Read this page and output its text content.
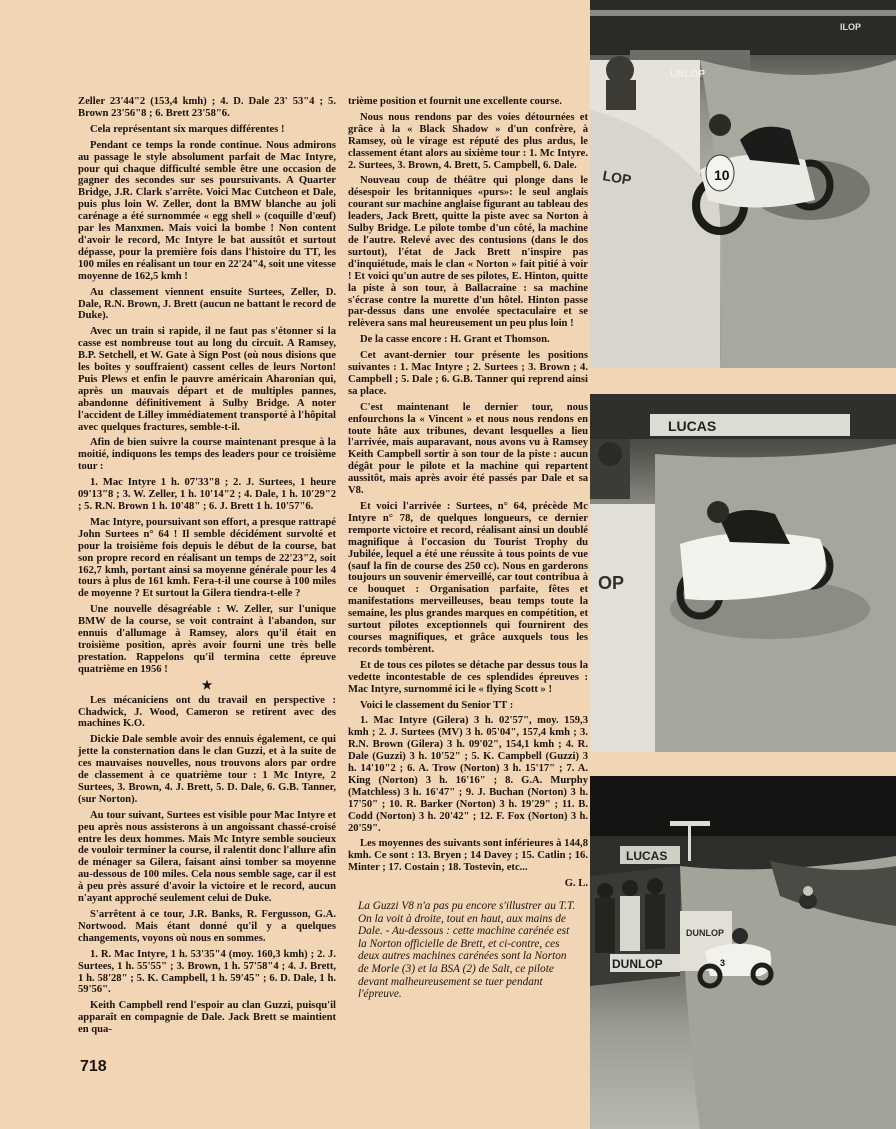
Zeller 23'44"2 (153,4 kmh) ; 4. D. Dale 23' 53"4 ; 5. Brown 23'56"8 ; 6. Brett 23'58"6.

Cela représentant six marques différentes !

Pendant ce temps la ronde continue. Nous admirons au passage le style absolument parfait de Mac Intyre, pour qui chaque difficulté semble être une occasion de gagner des secondes sur ses poursuivants. A Quarter Bridge, J.R. Clark s'arrête. Voici Mac Cutcheon et Dale, puis plus loin W. Zeller, dont la BMW blanche au joli carénage a été surnommée « egg shell » (coquille d'œuf) par les Manxmen. Mais voici la bombe ! Non content d'avoir le record, Mc Intyre le bat aussitôt et surtout dépasse, pour la première fois dans l'histoire du TT, les 100 miles en réalisant un tour en 22'24"4, soit une vitesse moyenne de 162,5 kmh !

Au classement viennent ensuite Surtees, Zeller, D. Dale, R.N. Brown, J. Brett (aucun ne battant le record de Duke).

Avec un train si rapide, il ne faut pas s'étonner si la casse est nombreuse tout au long du circuit. A Ramsey, B.P. Setchell, et W. Gate à Sign Post (où nous disions que les boîtes y souffraient) cassent celles de leurs Norton! Puis Plews et enfin le pauvre américain Aharonian qui, après un mauvais départ et de multiples pannes, abandonne définitivement à Sulby Bridge. A noter l'accident de Lilley immédiatement transporté à l'hôpital avec quelques fractures, semble-t-il.

Afin de bien suivre la course maintenant presque à la moitié, indiquons les temps des leaders pour ce troisième tour :

1. Mac Intyre 1 h. 07'33"8 ; 2. J. Surtees, 1 heure 09'13"8 ; 3. W. Zeller, 1 h. 10'14"2 ; 4. Dale, 1 h. 10'29"2 ; 5. R.N. Brown 1 h. 10'48" ; 6. J. Brett 1 h. 10'57"6.

Mac Intyre, poursuivant son effort, a presque rattrapé John Surtees n° 64 ! Il semble décidément survolté et pour la troisième fois depuis le début de la course, bat son propre record en réalisant un temps de 22'23"2, soit 162,7 kmh, portant ainsi sa moyenne générale pour les 4 tours à plus de 161 kmh. Fera-t-il une course à 100 miles de moyenne ? Et surtout la Gilera tiendra-t-elle ?

Une nouvelle désagréable : W. Zeller, sur l'unique BMW de la course, se voit contraint à l'abandon, sur ennuis d'allumage à Ramsey, alors qu'il était en troisième position, après avoir fourni une très belle prestation. Rappelons qu'il termina cette épreuve quatrième en 1956 !

★

Les mécaniciens ont du travail en perspective : Chadwick, J. Wood, Cameron se retirent avec des machines K.O.

Dickie Dale semble avoir des ennuis également, ce qui jette la consternation dans le clan Guzzi, et à la suite de ces mauvaises nouvelles, nous trouvons alors par ordre de classement à ce quatrième tour : 1 Mc Intyre, 2 Surtees, 3. Brown, 4. J. Brett, 5. D. Dale, 6. G.B. Tanner, (sur Norton).

Au tour suivant, Surtees est visible pour Mac Intyre et peu après nous assisterons à un angoissant chassé-croisé entre les deux hommes. Mais Mc Intyre semble soucieux de vouloir terminer la course, il ralentit donc l'allure afin de ménager sa Gilera, faisant ainsi tomber sa moyenne au-dessous de 100 miles. Cela nous semble sage, car il est à peu près assuré d'avoir la victoire et le record, aucun n'ayant approché seulement celui de Duke.

S'arrêtent à ce tour, J.R. Banks, R. Fergusson, G.A. Nortwood. Mais étant donné qu'il y a quelques changements, voyons où nous en sommes.

1. R. Mac Intyre, 1 h. 53'35"4 (moy. 160,3 kmh) ; 2. J. Surtees, 1 h. 55'55" ; 3. Brown, 1 h. 57'58"4 ; 4. J. Brett, 1 h. 58'28" ; 5. K. Campbell, 1 h. 59'45" ; 6. D. Dale, 1 h. 59'56".

Keith Campbell rend l'espoir au clan Guzzi, puisqu'il apparaît en compagnie de Dale. Jack Brett se maintient en qua-

trième position et fournit une excellente course.

Nous nous rendons par des voies détournées et grâce à la « Black Shadow » d'un confrère, à Ramsey, où le virage est réputé des plus ardus, le classement étant alors au sixième tour : 1. Mc Intyre. 2. Surtees, 3. Brown, 4. Brett, 5. Campbell, 6. Dale.

Nouveau coup de théâtre qui plonge dans le désespoir les britanniques «purs»: le seul anglais courant sur machine anglaise figurant au tableau des leaders, Jack Brett, quitte la piste avec sa Norton à Sulby Bridge. Le pilote tombe d'un côté, la machine de l'autre. Relevé avec des contusions (dans le dos surtout), l'état de Jack Brett n'inspire pas d'inquiétude, mais le clan « Norton » fait pitié à voir ! Et voici qu'un autre de ses pilotes, E. Hinton, quitte la piste à son tour, à Ballacraine : sa machine s'écrase contre la murette d'un hôtel. Hinton passe par-dessus dans une envolée spectaculaire et se relèvera sans mal heureusement un peu plus loin !

De la casse encore : H. Grant et Thomson.

Cet avant-dernier tour présente les positions suivantes : 1. Mac Intyre ; 2. Surtees ; 3. Brown ; 4. Campbell ; 5. Dale ; 6. G.B. Tanner qui reprend ainsi sa place.

C'est maintenant le dernier tour, nous enfourchons la « Vincent » et nous nous rendons en toute hâte aux tribunes, devant lesquelles a lieu l'arrivée, mais auparavant, nous avons vu à Ramsey Keith Campbell sortir à son tour de la piste : aucun dégât pour le pilote et la machine qui repartent aussitôt, mais après avoir été passés par Dale et sa V8.

Et voici l'arrivée : Surtees, n° 64, précède Mc Intyre n° 78, de quelques longueurs, ce dernier remporte victoire et record, réalisant ainsi un doublé magnifique à l'occasion du Tourist Trophy du Jubilée, lequel a été une réussite à tous points de vue (sauf la fin de course des 250 cc). Nous en garderons toujours un souvenir émerveillé, car tout contribua à ce bouquet : Organisation parfaite, fêtes et manifestations merveilleuses, beau temps toute la semaine, les plus grandes marques en compétition, et surtout pilotes exceptionnels qui fournirent des courses magnifiques, et grâce auxquels tous les records tombèrent.

Et de tous ces pilotes se détache par dessus tous la vedette incontestable de ces splendides épreuves : Mac Intyre, surnommé ici le « flying Scott » !

Voici le classement du Senior TT :

1. Mac Intyre (Gilera) 3 h. 02'57", moy. 159,3 kmh ; 2. J. Surtees (MV) 3 h. 05'04", 157,4 kmh ; 3. R.N. Brown (Gilera) 3 h. 09'02", 154,1 kmh ; 4. R. Dale (Guzzi) 3 h. 10'52" ; 5. K. Campbell (Guzzi) 3 h. 14'10"2 ; 6. A. Trow (Norton) 3 h. 15'17" ; 7. A. King (Norton) 3 h. 16'16" ; 8. G.A. Murphy (Matchless) 3 h. 16'47" ; 9. J. Buchan (Norton) 3 h. 17'50" ; 10. R. Barker (Norton) 3 h. 19'29" ; 11. B. Codd (Norton) 3 h. 20'42" ; 12. F. Fox (Norton) 3 h. 20'59".

Les moyennes des suivants sont inférieures à 144,8 kmh. Ce sont : 13. Bryen ; 14 Davey ; 15. Catlin ; 16. Minter ; 17. Costain ; 18. Tostevin, etc...

G. L.

La Guzzi V8 n'a pas pu encore s'illustrer au T.T. On la voit à droite, tout en haut, aux mains de Dale. - Au-dessous : cette machine carénée est la Norton officielle de Brett, et ci-contre, ces deux autres machines carénées sont la Norton de Morle (3) et la BSA (2) de Salt, ce pilote devant malheureusement se tuer pendant l'épreuve.
718
10
LOP
UNLOP
ILOP
LUCAS
OP
LUCAS
DUNLOP
DUNLOP	3
